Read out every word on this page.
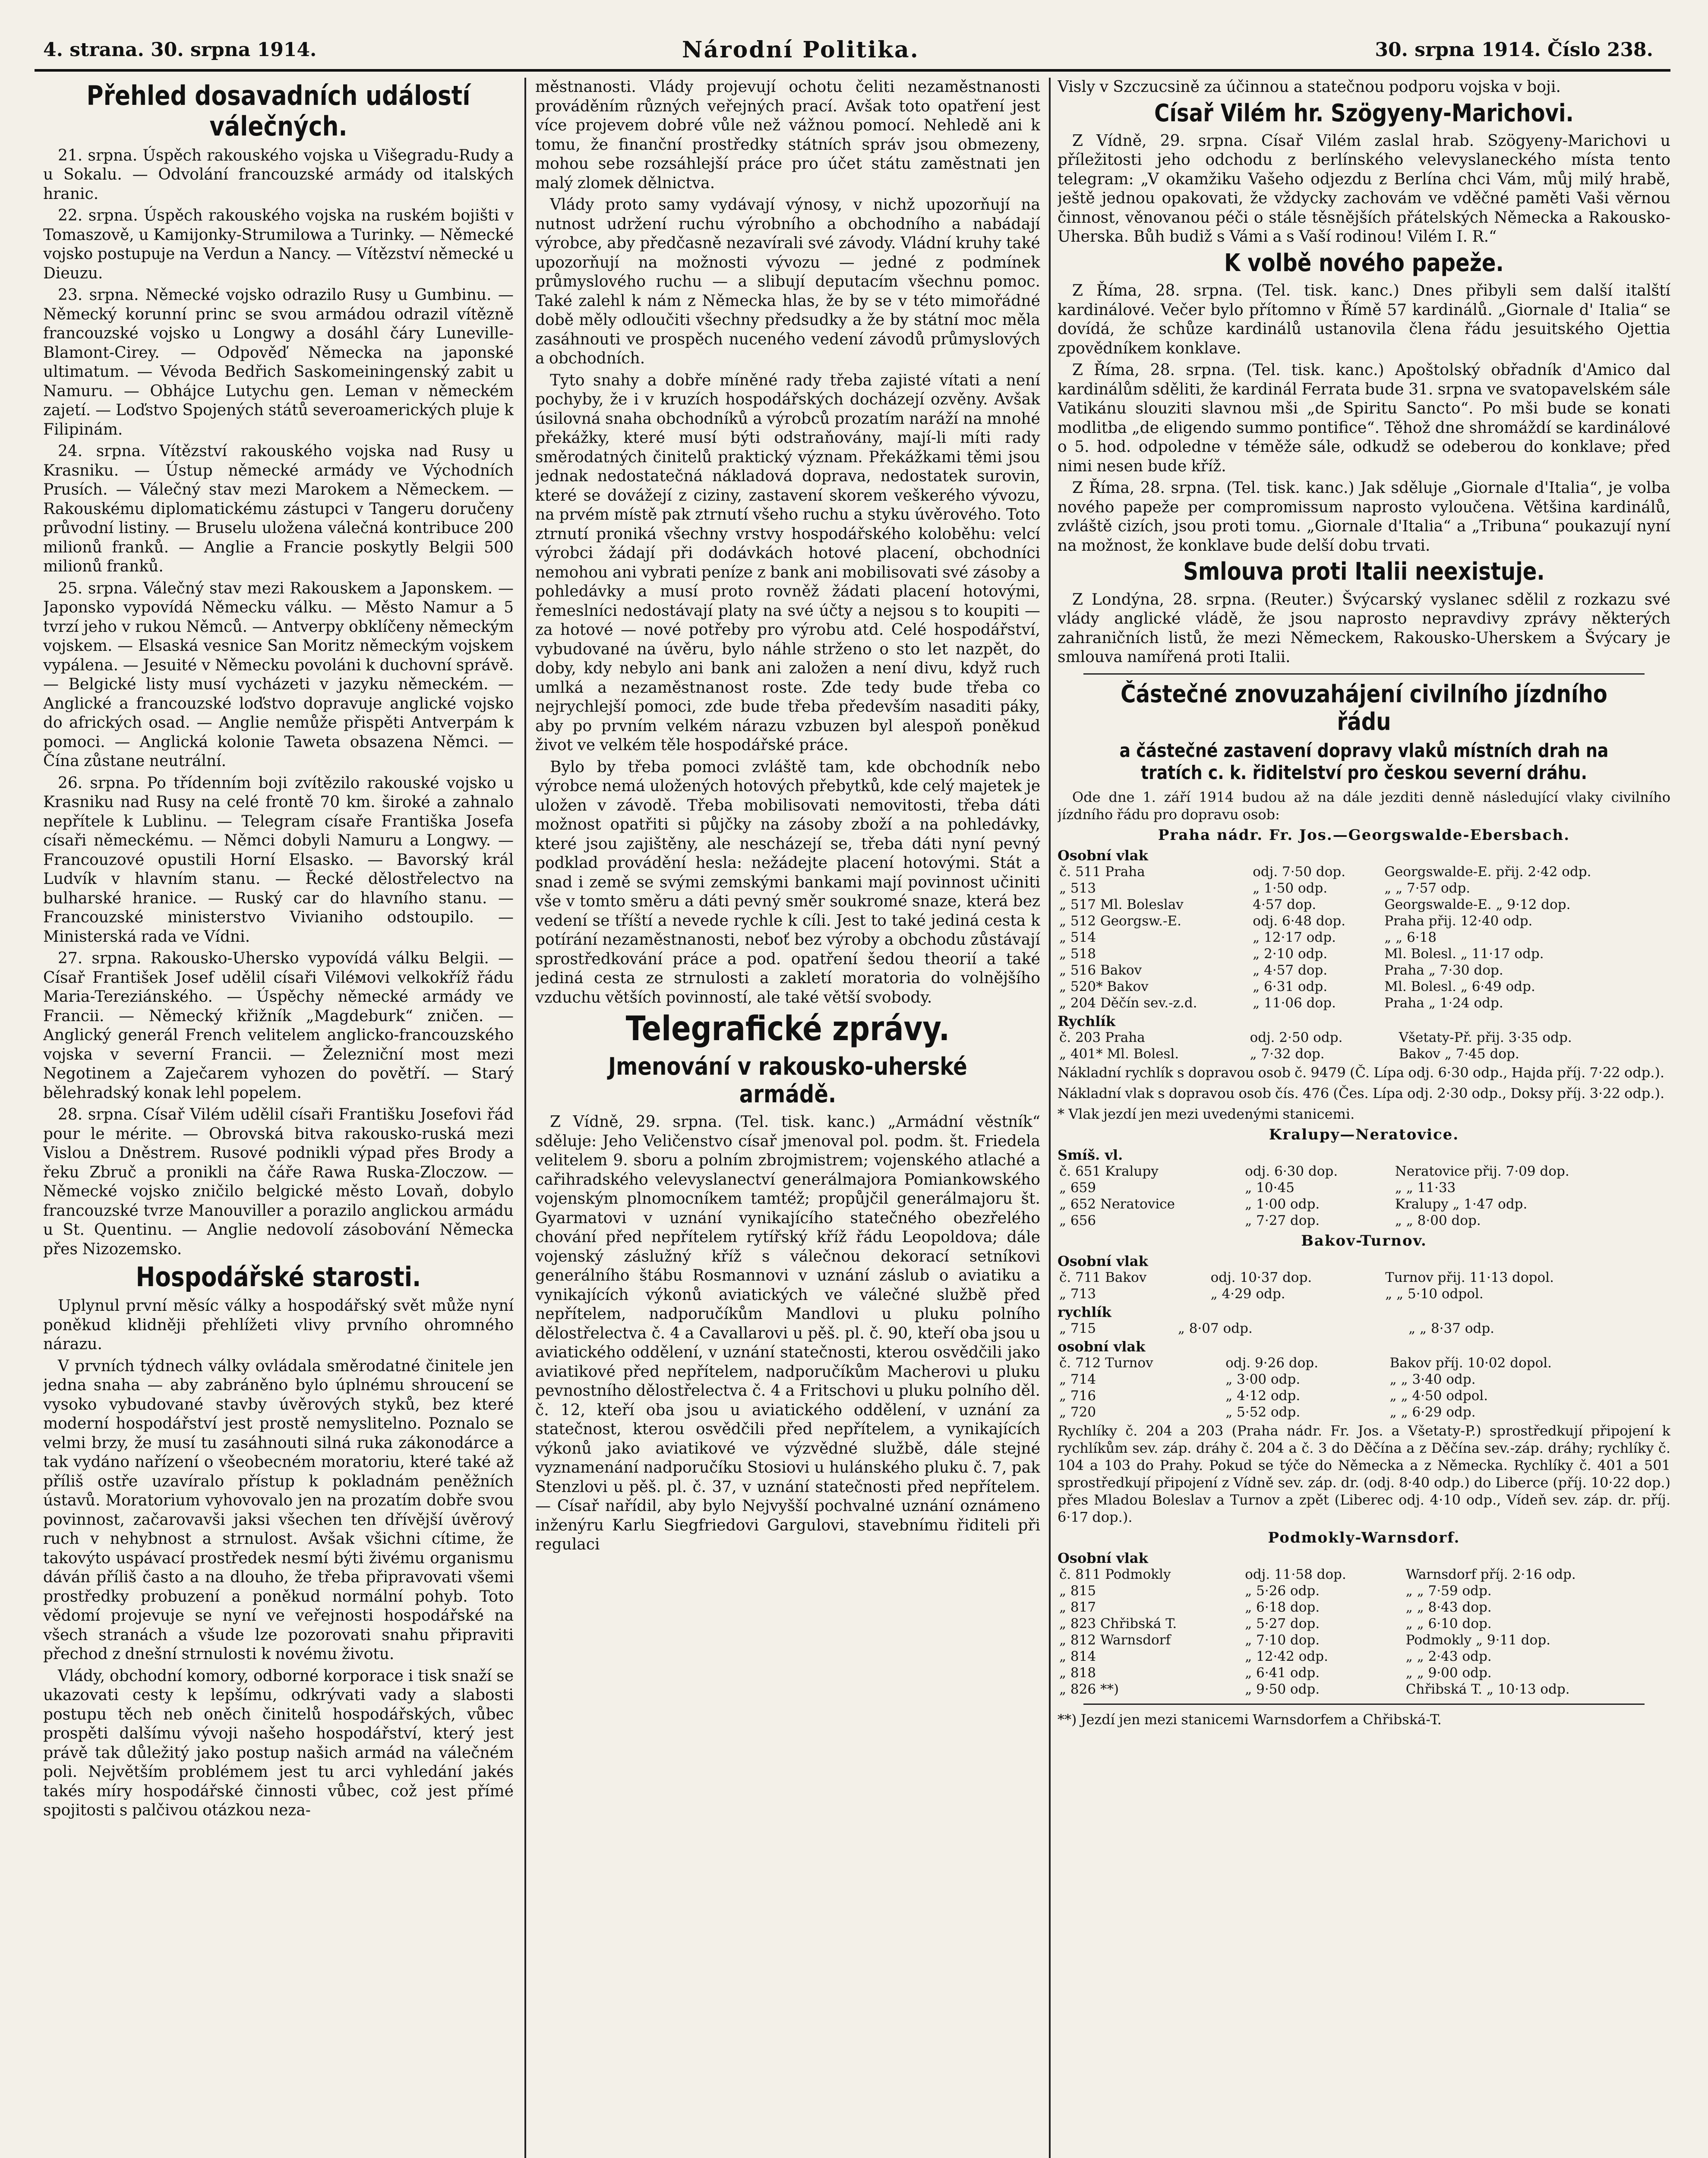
4. strana. 30. srpna 1914.	Národní Politika.	30. srpna 1914. Číslo 238.
Přehled dosavadních událostí válečných.

21. srpna. Úspěch rakouského vojska u Višegradu-Rudy a u Sokalu. — Odvolání francouzské armády od italských hranic.

22. srpna. Úspěch rakouského vojska na ruském bojišti v Tomaszově, u Kamijonky-Strumilowa a Turinky. — Německé vojsko postupuje na Verdun a Nancy. — Vítězství německé u Dieuzu.

23. srpna. Německé vojsko odrazilo Rusy u Gumbinu. — Německý korunní princ se svou armádou odrazil vítězně francouzské vojsko u Longwy a dosáhl čáry Luneville-Blamont-Cirey. — Odpověď Německa na japonské ultimatum. — Vévoda Bedřich Saskomeiningenský zabit u Namuru. — Obhájce Lutychu gen. Leman v německém zajetí. — Loďstvo Spojených států severoamerických pluje k Filipinám.

24. srpna. Vítězství rakouského vojska nad Rusy u Krasniku. — Ústup německé armády ve Východních Prusích. — Válečný stav mezi Marokem a Německem. — Rakouskému diplomatickému zástupci v Tangeru doručeny průvodní listiny. — Bruselu uložena válečná kontribuce 200 milionů franků. — Anglie a Francie poskytly Belgii 500 milionů franků.

25. srpna. Válečný stav mezi Rakouskem a Japonskem. — Japonsko vypovídá Německu válku. — Město Namur a 5 tvrzí jeho v rukou Němců. — Antverpy obklíčeny německým vojskem. — Elsaská vesnice San Moritz německým vojskem vypálena. — Jesuité v Německu povoláni k duchovní správě. — Belgické listy musí vycházeti v jazyku německém. — Anglické a francouzské loďstvo dopravuje anglické vojsko do afrických osad. — Anglie nemůže přispěti Antverpám k pomoci. — Anglická kolonie Taweta obsazena Němci. — Čína zůstane neutrální.

26. srpna. Po třídenním boji zvítězilo rakouské vojsko u Krasniku nad Rusy na celé frontě 70 km. široké a zahnalo nepřítele k Lublinu. — Telegram císaře Františka Josefa císaři německému. — Němci dobyli Namuru a Longwy. — Francouzové opustili Horní Elsasko. — Bavorský král Ludvík v hlavním stanu. — Řecké dělostřelectvo na bulharské hranice. — Ruský car do hlavního stanu. — Francouzské ministerstvo Vivianiho odstoupilo. — Ministerská rada ve Vídni.

27. srpna. Rakousko-Uhersko vypovídá válku Belgii. — Císař František Josef udělil císaři Viléмovi velkokříž řádu Maria-Tereziánského. — Úspěchy německé armády ve Francii. — Německý křižník „Magdeburk“ zničen. — Anglický generál French velitelem anglicko-francouzského vojska v severní Francii. — Železniční most mezi Negotinem a Zaječarem vyhozen do povětří. — Starý bělehradský konak lehl popelem.

28. srpna. Císař Vilém udělil císaři Františku Josefovi řád pour le mérite. — Obrovská bitva rakousko-ruská mezi Vislou a Dněstrem. Rusové podnikli výpad přes Brody a řeku Zbruč a pronikli na čáře Rawa Ruska-Zloczow. — Německé vojsko zničilo belgické město Lovaň, dobylo francouzské tvrze Manouviller a porazilo anglickou armádu u St. Quentinu. — Anglie nedovolí zásobování Německa přes Nizozemsko.

Hospodářské starosti.

Uplynul první měsíc války a hospodářský svět může nyní poněkud klidněji přehlížeti vlivy prvního ohromného nárazu.

V prvních týdnech války ovládala směrodatné činitele jen jedna snaha — aby zabráněno bylo úplnému shroucení se vysoko vybudované stavby úvěrových styků, bez které moderní hospodářství jest prostě nemyslitelno. Poznalo se velmi brzy, že musí tu zasáhnouti silná ruka zákonodárce a tak vydáno nařízení o všeobecném moratoriu, které také až příliš ostře uzavíralo přístup k pokladnám peněžních ústavů. Moratorium vyhovovalo jen na prozatím dobře svou povinnost, začarovavši jaksi všechen ten dřívější úvěrový ruch v nehybnost a strnulost. Avšak všichni cítime, že takovýto uspávací prostředek nesmí býti živému organismu dáván příliš často a na dlouho, že třeba připravovati všemi prostředky probuzení a poněkud normální pohyb. Toto vědomí projevuje se nyní ve veřejnosti hospodářské na všech stranách a všude lze pozorovati snahu připraviti přechod z dnešní strnulosti k novému životu.

Vlády, obchodní komory, odborné korporace i tisk snaží se ukazovati cesty k lepšímu, odkrývati vady a slabosti postupu těch neb oněch činitelů hospodářských, vůbec prospěti dalšímu vývoji našeho hospodářství, který jest právě tak důležitý jako postup našich armád na válečném poli. Největším problémem jest tu arci vyhledání jakés takés míry hospodářské činnosti vůbec, což jest přímé spojitosti s palčivou otázkou neza-

městnanosti. Vlády projevují ochotu čeliti nezaměstnanosti prováděním různých veřejných prací. Avšak toto opatření jest více projevem dobré vůle než vážnou pomocí. Nehledě ani k tomu, že finanční prostředky státních správ jsou obmezeny, mohou sebe rozsáhlejší práce pro účet státu zaměstnati jen malý zlomek dělnictva.

Vlády proto samy vydávají výnosy, v nichž upozorňují na nutnost udržení ruchu výrobního a obchodního a nabádají výrobce, aby předčasně nezavírali své závody. Vládní kruhy také upozorňují na možnosti vývozu — jedné z podmínek průmyslového ruchu — a slibují deputacím všechnu pomoc. Také zalehl k nám z Německa hlas, že by se v této mimořádné době měly odloučiti všechny předsudky a že by státní moc měla zasáhnouti ve prospěch nuceného vedení závodů průmyslových a obchodních.

Tyto snahy a dobře míněné rady třeba zajisté vítati a není pochyby, že i v kruzích hospodářských docházejí ozvěny. Avšak úsilovná snaha obchodníků a výrobců prozatím naráží na mnohé překážky, které musí býti odstraňovány, mají-li míti rady směrodatných činitelů praktický význam. Překážkami těmi jsou jednak nedostatečná nákladová doprava, nedostatek surovin, které se dovážejí z ciziny, zastavení skorem veškerého vývozu, na prvém místě pak ztrnutí všeho ruchu a styku úvěrového. Toto ztrnutí proniká všechny vrstvy hospodářského koloběhu: velcí výrobci žádají při dodávkách hotové placení, obchodníci nemohou ani vybrati peníze z bank ani mobilisovati své zásoby a pohledávky a musí proto rovněž žádati placení hotovými, řemeslníci nedostávají platy na své účty a nejsou s to koupiti — za hotové — nové potřeby pro výrobu atd. Celé hospodářství, vybudované na úvěru, bylo náhle strženo o sto let nazpět, do doby, kdy nebylo ani bank ani založen a není divu, když ruch umlká a nezaměstnanost roste. Zde tedy bude třeba co nejrychlejší pomoci, zde bude třeba především nasaditi páky, aby po prvním velkém nárazu vzbuzen byl alespoň poněkud život ve velkém těle hospodářské práce.

Bylo by třeba pomoci zvláště tam, kde obchodník nebo výrobce nemá uložených hotových přebytků, kde celý majetek je uložen v závodě. Třeba mobilisovati nemovitosti, třeba dáti možnost opatřiti si půjčky na zásoby zboží a na pohledávky, které jsou zajištěny, ale nescházejí se, třeba dáti nyní pevný podklad provádění hesla: nežádejte placení hotovými. Stát a snad i země se svými zemskými bankami mají povinnost učiniti vše v tomto směru a dáti pevný směr soukromé snaze, která bez vedení se tříští a nevede rychle k cíli. Jest to také jediná cesta k potírání nezaměstnanosti, neboť bez výroby a obchodu zůstávají sprostředkování práce a pod. opatření šedou theorií a také jediná cesta ze strnulosti a zakletí moratoria do volnějšího vzduchu větších povinností, ale také větší svobody.

Telegrafické zprávy.
Jmenování v rakousko-uherské armádě.

Z Vídně, 29. srpna. (Tel. tisk. kanc.) „Armádní věstník“ sděluje: Jeho Veličenstvo císař jmenoval pol. podm. št. Friedela velitelem 9. sboru a polním zbrojmistrem; vojenského atlaché a cařihradského velevyslanectví generálmajora Pomiankowského vojenským plnomocníkem tamtéž; propůjčil generálmajoru št. Gyarmatovi v uznání vynikajícího statečného obezřelého chování před nepřítelem rytířský kříž řádu Leopoldova; dále vojenský záslužný kříž s válečnou dekorací setníkovi generálního štábu Rosmannovi v uznání záslub o aviatiku a vynikajících výkonů aviatických ve válečné službě před nepřítelem, nadporučíkům Mandlovi u pluku polního dělostřelectva č. 4 a Cavallarovi u pěš. pl. č. 90, kteří oba jsou u aviatického oddělení, v uznání statečnosti, kterou osvědčili jako aviatikové před nepřítelem, nadporučíkům Macherovi u pluku pevnostního dělostřelectva č. 4 a Fritschovi u pluku polního děl. č. 12, kteří oba jsou u aviatického oddělení, v uznání za statečnost, kterou osvědčili před nepřítelem, a vynikajících výkonů jako aviatikové ve výzvědné službě, dále stejné vyznamenání nadporučíku Stosiovi u hulánského pluku č. 7, pak Stenzlovi u pěš. pl. č. 37, v uznání statečnosti před nepřítelem. — Císař nařídil, aby bylo Nejvyšší pochvalné uznání oznámeno inženýru Karlu Siegfriedovi Gargulovi, stavebnímu řiditeli při regulaci

Visly v Szczucsině za účinnou a statečnou podporu vojska v boji.

Císař Vilém hr. Szögyeny-Marichovi.

Z Vídně, 29. srpna. Císař Vilém zaslal hrab. Szögyeny-Marichovi u příležitosti jeho odchodu z berlínského velevyslaneckého místa tento telegram: „V okamžiku Vašeho odjezdu z Berlína chci Vám, můj milý hrabě, ještě jednou opakovati, že vždycky zachovám ve vděčné paměti Vaši věrnou činnost, věnovanou péči o stále těsnějších přátelských Německa a Rakousko-Uherska. Bůh budiž s Vámi a s Vaší rodinou! Vilém I. R.“

K volbě nového papeže.

Z Říma, 28. srpna. (Tel. tisk. kanc.) Dnes přibyli sem další italští kardinálové. Večer bylo přítomno v Římě 57 kardinálů. „Giornale d' Italia“ se dovídá, že schůze kardinálů ustanovila člena řádu jesuitského Ojettia zpovědníkem konklave.

Z Říma, 28. srpna. (Tel. tisk. kanc.) Apoštolský obřadník d'Amico dal kardinálům sděliti, že kardinál Ferrata bude 31. srpna ve svatopavelském sále Vatikánu slouziti slavnou mši „de Spiritu Sancto“. Po mši bude se konati modlitba „de eligendo summo pontifice“. Těhož dne shromáždí se kardinálové o 5. hod. odpoledne v téměže sále, odkudž se odeberou do konklave; před nimi nesen bude kříž.

Z Říma, 28. srpna. (Tel. tisk. kanc.) Jak sděluje „Giornale d'Italia“, je volba nového papeže per compromissum naprosto vyloučena. Většina kardinálů, zvláště cizích, jsou proti tomu. „Giornale d'Italia“ a „Tribuna“ poukazují nyní na možnost, že konklave bude delší dobu trvati.

Smlouva proti Italii neexistuje.

Z Londýna, 28. srpna. (Reuter.) Švýcarský vyslanec sdělil z rozkazu své vlády anglické vládě, že jsou naprosto nepravdivy zprávy některých zahraničních listů, že mezi Německem, Rakousko-Uherskem a Švýcary je smlouva namířená proti Italii.

Částečné znovuzahájení civilního jízdního řádu
a částečné zastavení dopravy vlaků místních drah na tratích c. k. řiditelství pro českou severní dráhu.

Ode dne 1. září 1914 budou až na dále jezditi denně následující vlaky civilního jízdního řádu pro dopravu osob:

Praha nádr. Fr. Jos.—Georgswalde-Ebersbach.
Osobní vlak
č. 511 Praha	odj. 7·50 dop.	Georgswalde-E. přij. 2·42 odp.
„ 513	„ 1·50 odp.	„ „ 7·57 odp.
„ 517 Ml. Boleslav	4·57 dop.	Georgswalde-E. „ 9·12 dop.
„ 512 Georgsw.-E.	odj. 6·48 dop.	Praha přij. 12·40 odp.
„ 514	„ 12·17 odp.	„ „ 6·18
„ 518	„ 2·10 odp.	Ml. Bolesl. „ 11·17 odp.
„ 516 Bakov	„ 4·57 dop.	Praha „ 7·30 dop.
„ 520* Bakov	„ 6·31 odp.	Ml. Bolesl. „ 6·49 odp.
„ 204 Děčín sev.-z.d.	„ 11·06 dop.	Praha „ 1·24 odp.
Rychlík
č. 203 Praha	odj. 2·50 odp.	Všetaty-Př. přij. 3·35 odp.
„ 401* Ml. Bolesl.	„ 7·32 dop.	Bakov „ 7·45 dop.

Nákladní rychlík s dopravou osob č. 9479 (Č. Lípa odj. 6·30 odp., Hajda příj. 7·22 odp.).

Nákladní vlak s dopravou osob čís. 476 (Čes. Lípa odj. 2·30 odp., Doksy příj. 3·22 odp.).

* Vlak jezdí jen mezi uvedenými stanicemi.

Kralupy—Neratovice.
Smíš. vl.
č. 651 Kralupy	odj. 6·30 dop.	Neratovice přij. 7·09 dop.
„ 659	„ 10·45	„ „ 11·33
„ 652 Neratovice	„ 1·00 odp.	Kralupy „ 1·47 odp.
„ 656	„ 7·27 dop.	„ „ 8·00 dop.
Bakov-Turnov.
Osobní vlak
č. 711 Bakov	odj. 10·37 dop.	Turnov přij. 11·13 dopol.
„ 713	„ 4·29 odp.	„ „ 5·10 odpol.
rychlík
„ 715	„ 8·07 odp.	„ „ 8·37 odp.
osobní vlak
č. 712 Turnov	odj. 9·26 dop.	Bakov příj. 10·02 dopol.
„ 714	„ 3·00 odp.	„ „ 3·40 odp.
„ 716	„ 4·12 odp.	„ „ 4·50 odpol.
„ 720	„ 5·52 odp.	„ „ 6·29 odp.

Rychlíky č. 204 a 203 (Praha nádr. Fr. Jos. a Všetaty-P.) sprostředkují připojení k rychlíkům sev. záp. dráhy č. 204 a č. 3 do Děčína a z Děčína sev.-záp. dráhy; rychlíky č. 104 a 103 do Prahy. Pokud se týče do Německa a z Německa. Rychlíky č. 401 a 501 sprostředkují připojení z Vídně sev. záp. dr. (odj. 8·40 odp.) do Liberce (příj. 10·22 dop.) přes Mladou Boleslav a Turnov a zpět (Liberec odj. 4·10 odp., Vídeň sev. záp. dr. příj. 6·17 dop.).

Podmokly-Warnsdorf.
Osobní vlak
č. 811 Podmokly	odj. 11·58 dop.	Warnsdorf příj. 2·16 odp.
„ 815	„ 5·26 odp.	„ „ 7·59 odp.
„ 817	„ 6·18 dop.	„ „ 8·43 dop.
„ 823 Chřibská T.	„ 5·27 dop.	„ „ 6·10 dop.
„ 812 Warnsdorf	„ 7·10 dop.	Podmokly „ 9·11 dop.
„ 814	„ 12·42 odp.	„ „ 2·43 odp.
„ 818	„ 6·41 odp.	„ „ 9·00 odp.
„ 826 **)	„ 9·50 odp.	Chřibská T. „ 10·13 odp.

**) Jezdí jen mezi stanicemi Warnsdorfem a Chřibská-T.
